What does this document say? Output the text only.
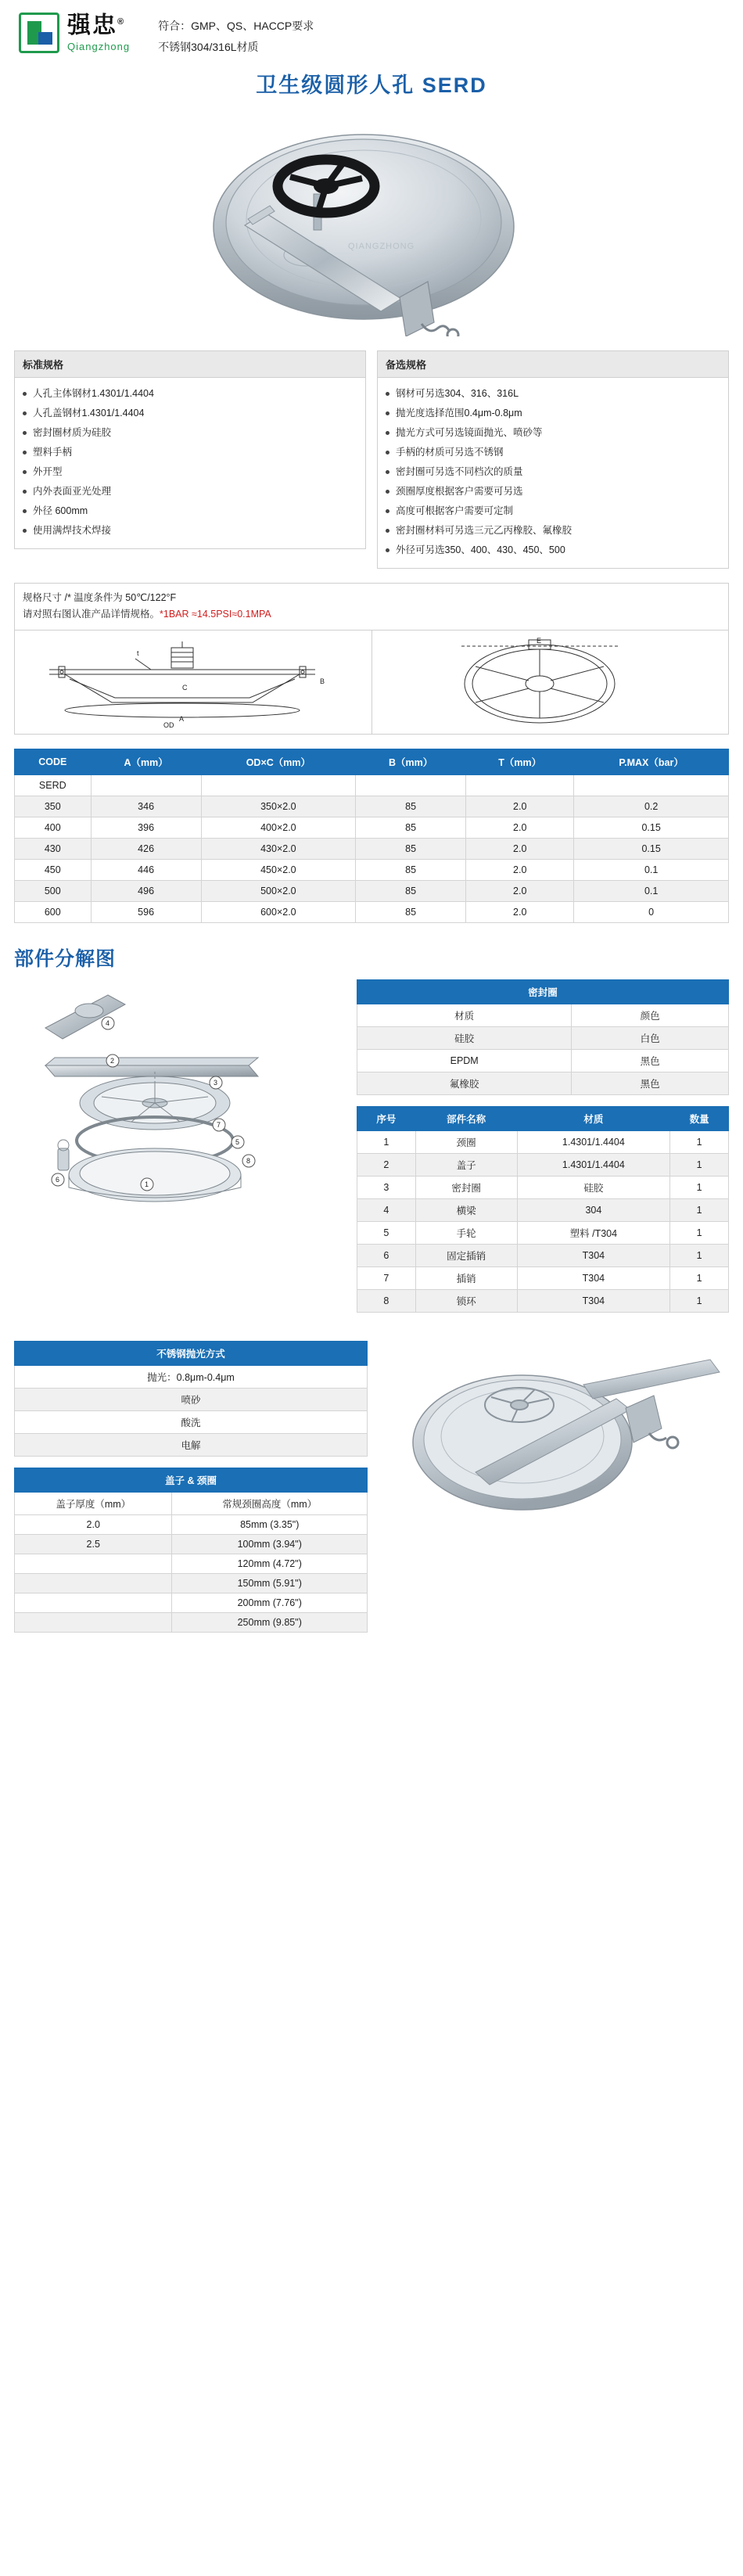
强忠®
Qiangzhong
符合：GMP、QS、HACCP要求
不锈钢304/316L材质
卫生级圆形人孔 SERD
QIANGZHONG
标准规格
人孔主体钢材1.4301/1.4404
人孔盖钢材1.4301/1.4404
密封圈材质为硅胶
塑料手柄
外开型
内外表面亚光处理
外径 600mm
使用满焊技术焊接
备选规格
钢材可另选304、316、316L
抛光度选择范围0.4μm-0.8μm
抛光方式可另选镜面抛光、喷砂等
手柄的材质可另选不锈钢
密封圈可另选不同档次的质量
颈圈厚度根据客户需要可另选
高度可根据客户需要可定制
密封圈材料可另选三元乙丙橡胶、氟橡胶
外径可另选350、400、430、450、500
规格尺寸 /* 温度条件为 50℃/122°F
请对照右图认准产品详情规格。*1BAR ≈14.5PSI≈0.1MPA
t
A
C
B
OD
E
CODE	A（mm）	OD×C（mm）	B（mm）	T（mm）	P.MAX（bar）
SERD					
350	346	350×2.0	85	2.0	0.2
400	396	400×2.0	85	2.0	0.15
430	426	430×2.0	85	2.0	0.15
450	446	450×2.0	85	2.0	0.1
500	496	500×2.0	85	2.0	0.1
600	596	600×2.0	85	2.0	0
部件分解图
4
2
3
7
5
8
1
6
密封圈	
材质	颜色
硅胶	白色
EPDM	黑色
氟橡胶	黑色
序号	部件名称	材质	数量
1	颈圈	1.4301/1.4404	1
2	盖子	1.4301/1.4404	1
3	密封圈	硅胶	1
4	横梁	304	1
5	手轮	塑料 /T304	1
6	固定插销	T304	1
7	插销	T304	1
8	锁环	T304	1
不锈钢抛光方式
抛光：0.8μm-0.4μm
喷砂
酸洗
电解
盖子 & 颈圈	
盖子厚度（mm）	常规颈圈高度（mm）
2.0	85mm (3.35")
2.5	100mm (3.94")
	120mm (4.72")
	150mm (5.91")
	200mm (7.76")
	250mm (9.85")
